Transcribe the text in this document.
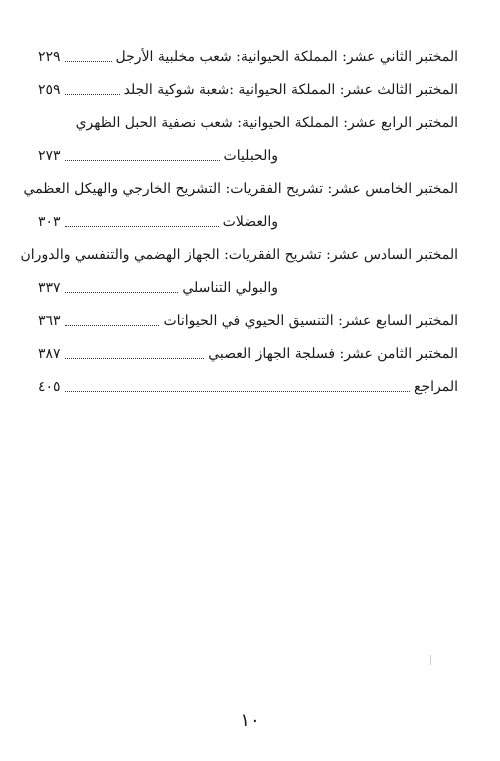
المختبر الثاني عشر: المملكة الحيوانية: شعب مخلبية الأرجل
٢٢٩
المختبر الثالث عشر: المملكة الحيوانية :شعبة شوكية الجلد
٢٥٩
المختبر الرابع عشر: المملكة الحيوانية: شعب نصفية الحبل الظهري
والحبليات
٢٧٣
المختبر الخامس عشر: تشريح الفقريات: التشريح الخارجي والهيكل العظمي
والعضلات
٣٠٣
المختبر السادس عشر: تشريح الفقريات: الجهاز الهضمي والتنفسي والدوران
والبولي التناسلي
٣٣٧
المختبر السابع عشر: التنسيق الحيوي في الحيوانات
٣٦٣
المختبر الثامن عشر: فسلجة الجهاز العصبي
٣٨٧
المراجع
٤٠٥
١٠
